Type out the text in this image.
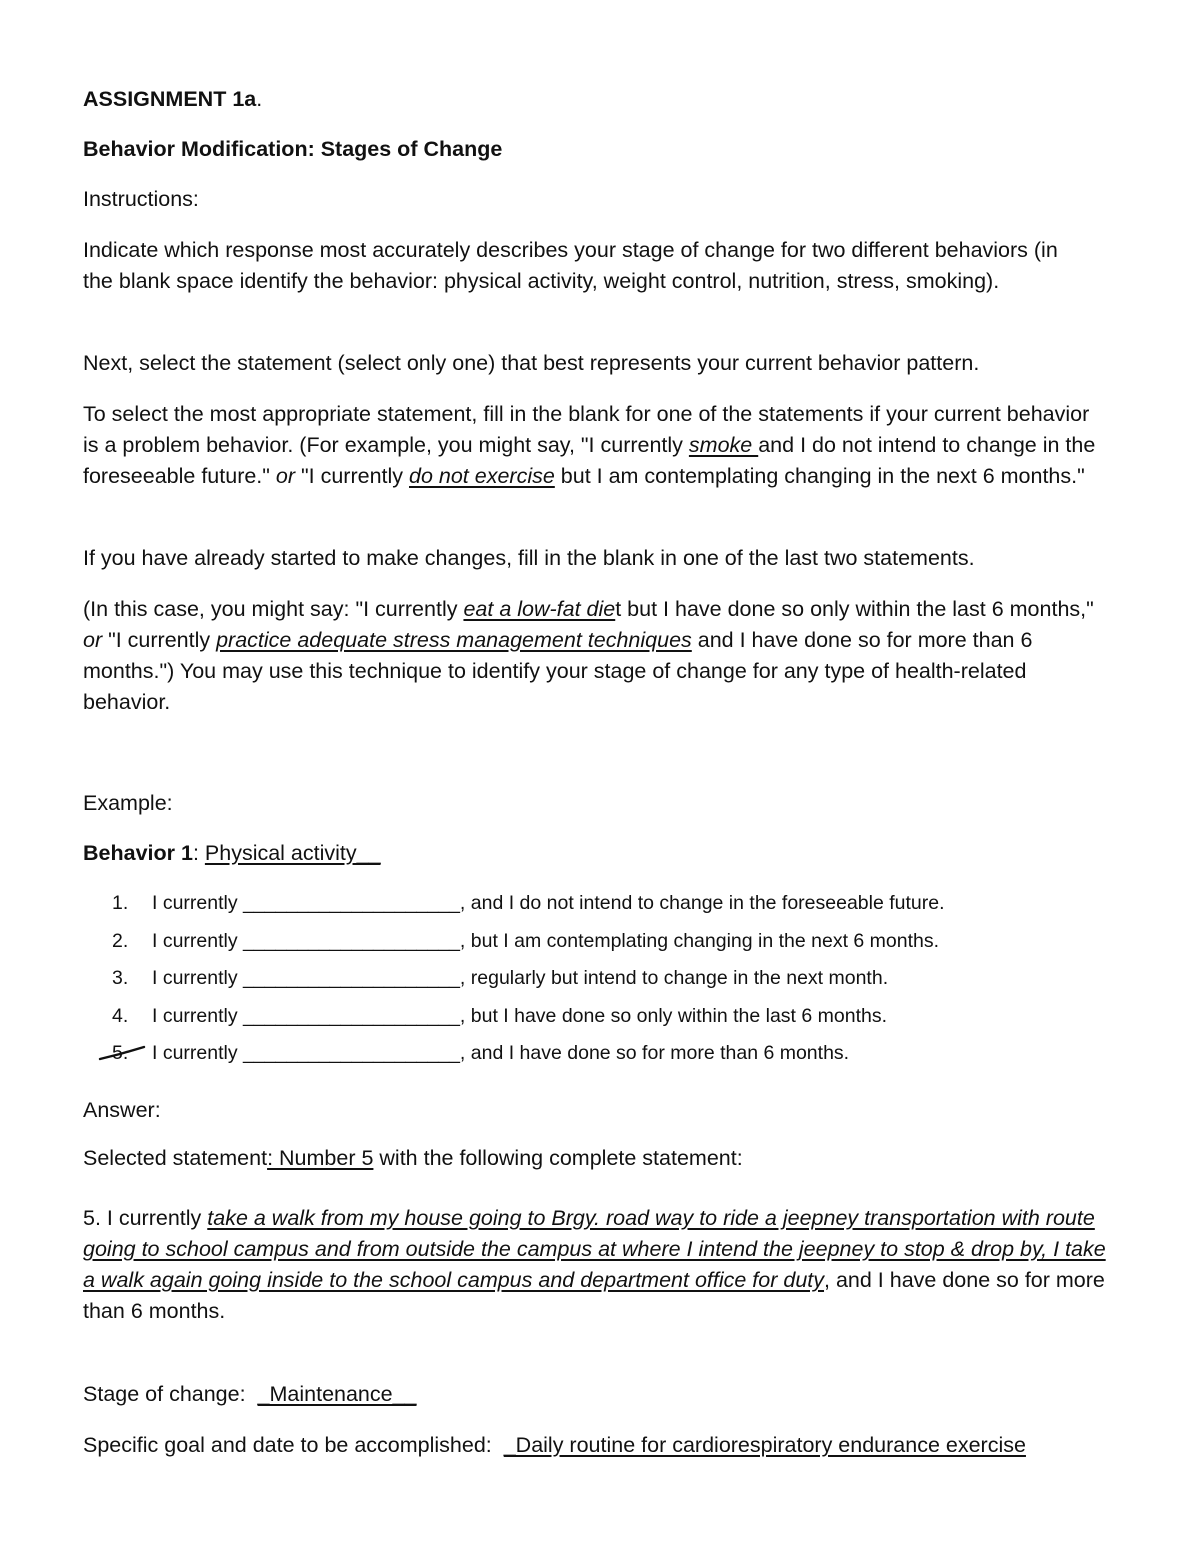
ASSIGNMENT 1a.

Behavior Modification: Stages of Change

Instructions:

Indicate which response most accurately describes your stage of change for two different behaviors (in the blank space identify the behavior: physical activity, weight control, nutrition, stress, smoking).

Next, select the statement (select only one) that best represents your current behavior pattern.

To select the most appropriate statement, fill in the blank for one of the statements if your current behavior is a problem behavior. (For example, you might say, "I currently smoke and I do not intend to change in the foreseeable future." or "I currently do not exercise but I am contemplating changing in the next 6 months."

If you have already started to make changes, fill in the blank in one of the last two statements.

(In this case, you might say: "I currently eat a low-fat diet but I have done so only within the last 6 months," or "I currently practice adequate stress management techniques and I have done so for more than 6 months.") You may use this technique to identify your stage of change for any type of health-related behavior.

Example:

Behavior 1: Physical activity__

1. I currently ____________________, and I do not intend to change in the foreseeable future.
2. I currently ____________________, but I am contemplating changing in the next 6 months.
3. I currently ____________________, regularly but intend to change in the next month.
4. I currently ____________________, but I have done so only within the last 6 months.
5. I currently ____________________, and I have done so for more than 6 months.

Answer:

Selected statement: Number 5 with the following complete statement:

5. I currently take a walk from my house going to Brgy. road way to ride a jeepney transportation with route going to school campus and from outside the campus at where I intend the jeepney to stop & drop by, I take a walk again going inside to the school campus and department office for duty, and I have done so for more than 6 months.

Stage of change:  _Maintenance__

Specific goal and date to be accomplished:  _Daily routine for cardiorespiratory endurance exercise
